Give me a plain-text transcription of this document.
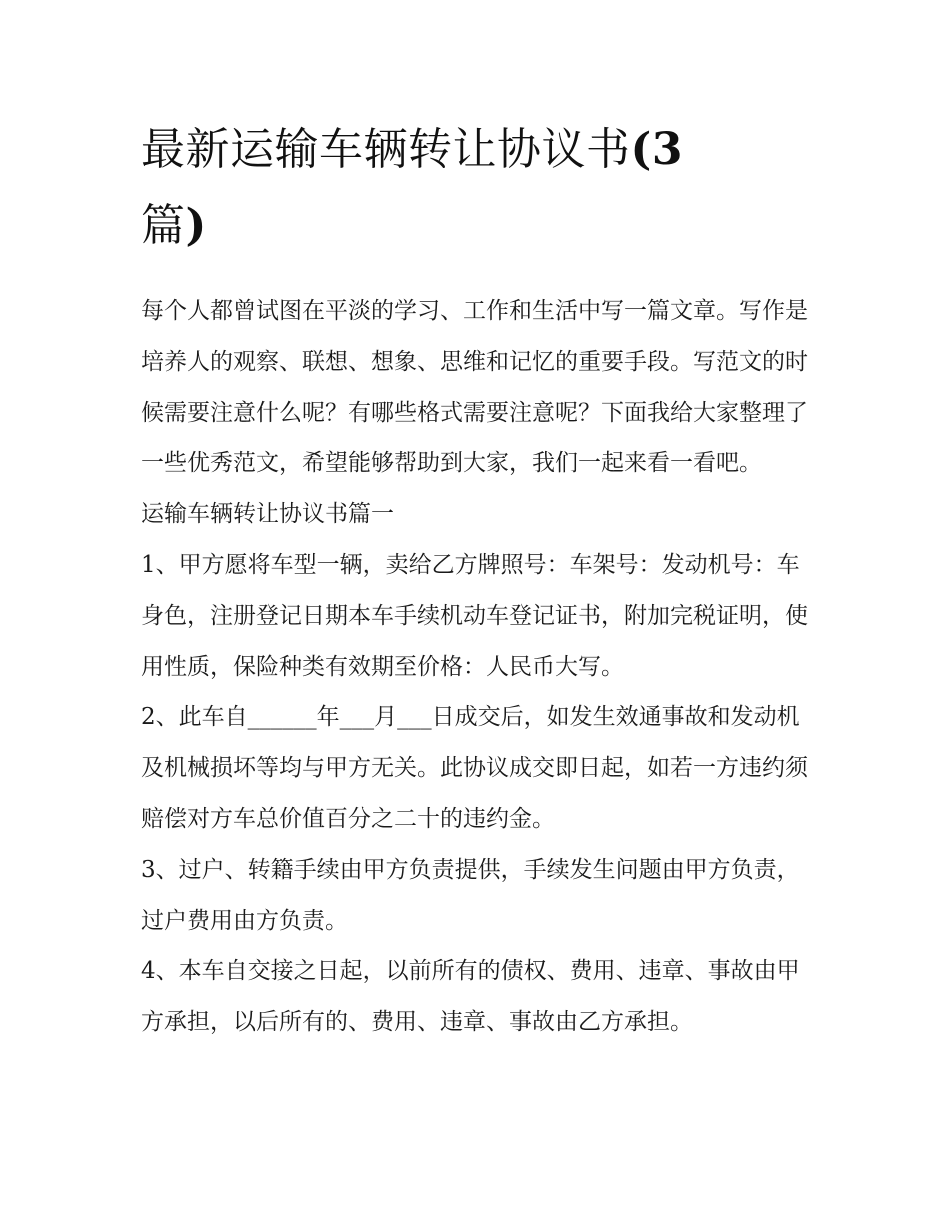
最新运输车辆转让协议书(3
篇)

每个人都曾试图在平淡的学习、工作和生活中写一篇文章。写作是培养人的观察、联想、想象、思维和记忆的重要手段。写范文的时候需要注意什么呢？有哪些格式需要注意呢？下面我给大家整理了一些优秀范文，希望能够帮助到大家，我们一起来看一看吧。

运输车辆转让协议书篇一

1、甲方愿将车型一辆，卖给乙方牌照号：车架号：发动机号：车身色，注册登记日期本车手续机动车登记证书，附加完税证明，使用性质，保险种类有效期至价格：人民币大写。

2、此车自______年___月___日成交后，如发生效通事故和发动机及机械损坏等均与甲方无关。此协议成交即日起，如若一方违约须赔偿对方车总价值百分之二十的违约金。

3、过户、转籍手续由甲方负责提供，手续发生问题由甲方负责，过户费用由方负责。

4、本车自交接之日起，以前所有的债权、费用、违章、事故由甲方承担，以后所有的、费用、违章、事故由乙方承担。
